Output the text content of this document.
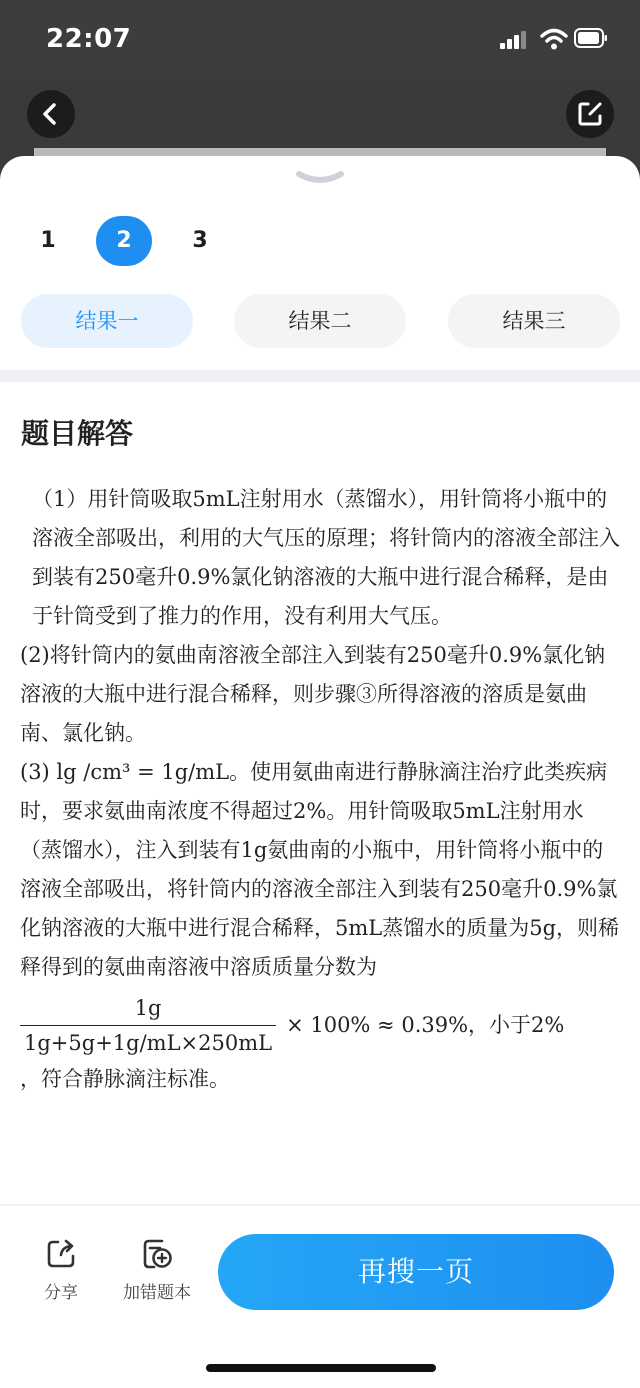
22:07
1	2	3
结果一	结果二	结果三
题目解答

（1）用针筒吸取5mL注射用水（蒸馏水），用针筒将小瓶中的溶液全部吸出，利用的大气压的原理；将针筒内的溶液全部注入到装有250毫升0.9%氯化钠溶液的大瓶中进行混合稀释，是由于针筒受到了推力的作用，没有利用大气压。

(2)将针筒内的氨曲南溶液全部注入到装有250毫升0.9%氯化钠溶液的大瓶中进行混合稀释，则步骤③所得溶液的溶质是氨曲南、氯化钠。

(3) lg /cm³ = 1g/mL。使用氨曲南进行静脉滴注治疗此类疾病时，要求氨曲南浓度不得超过2%。用针筒吸取5mL注射用水（蒸馏水），注入到装有1g氨曲南的小瓶中，用针筒将小瓶中的溶液全部吸出，将针筒内的溶液全部注入到装有250毫升0.9%氯化钠溶液的大瓶中进行混合稀释，5mL蒸馏水的质量为5g，则稀释得到的氨曲南溶液中溶质质量分数为

$\frac{1g}{1g+5g+1g/mL\times 250mL} \times 100\% \approx 0.39\%$，小于2%

，符合静脉滴注标准。

分享	加错题本
再搜一页
